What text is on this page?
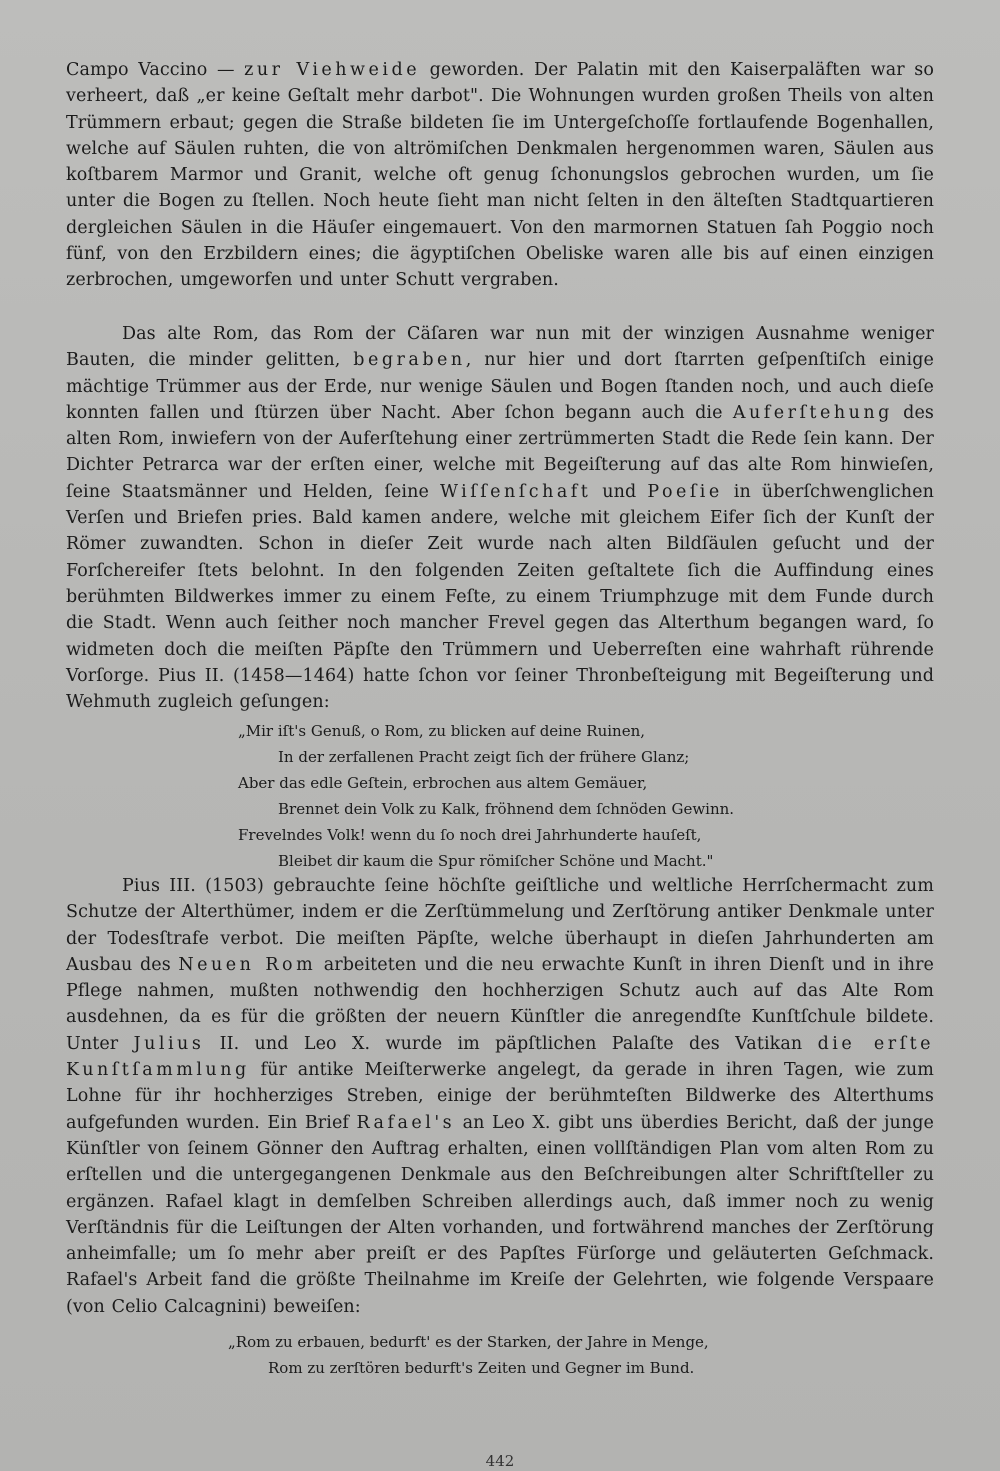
Campo Vaccino — zur Viehweide geworden. Der Palatin mit den Kaiserpaläften war so verheert, daß „er keine Geſtalt mehr darbot". Die Wohnungen wurden großen Theils von alten Trümmern erbaut; gegen die Straße bildeten ſie im Untergeſchoſſe fortlaufende Bogenhallen, welche auf Säulen ruhten, die von altrömiſchen Denkmalen hergenommen waren, Säulen aus koſtbarem Marmor und Granit, welche oft genug ſchonungslos gebrochen wurden, um ſie unter die Bogen zu ſtellen. Noch heute ſieht man nicht ſelten in den älteſten Stadtquartieren dergleichen Säulen in die Häuſer eingemauert. Von den marmornen Statuen ſah Poggio noch fünf, von den Erzbildern eines; die ägyptiſchen Obeliske waren alle bis auf einen einzigen zerbrochen, umgeworfen und unter Schutt vergraben.

Das alte Rom, das Rom der Cäſaren war nun mit der winzigen Ausnahme weniger Bauten, die minder gelitten, begraben, nur hier und dort ſtarrten geſpenſtiſch einige mächtige Trümmer aus der Erde, nur wenige Säulen und Bogen ſtanden noch, und auch dieſe konnten fallen und ſtürzen über Nacht. Aber ſchon begann auch die Auferſtehung des alten Rom, inwiefern von der Auferſtehung einer zertrümmerten Stadt die Rede ſein kann. Der Dichter Petrarca war der erſten einer, welche mit Begeiſterung auf das alte Rom hinwieſen, ſeine Staatsmänner und Helden, ſeine Wiſſenſchaft und Poeſie in überſchwenglichen Verſen und Briefen pries. Bald kamen andere, welche mit gleichem Eifer ſich der Kunſt der Römer zuwandten. Schon in dieſer Zeit wurde nach alten Bildſäulen geſucht und der Forſchereifer ſtets belohnt. In den folgenden Zeiten geſtaltete ſich die Auffindung eines berühmten Bildwerkes immer zu einem Feſte, zu einem Triumphzuge mit dem Funde durch die Stadt. Wenn auch ſeither noch mancher Frevel gegen das Alterthum begangen ward, ſo widmeten doch die meiſten Päpſte den Trümmern und Ueberreſten eine wahrhaft rührende Vorſorge. Pius II. (1458—1464) hatte ſchon vor ſeiner Thronbeſteigung mit Begeiſterung und Wehmuth zugleich geſungen:

„Mir iſt's Genuß, o Rom, zu blicken auf deine Ruinen,
In der zerfallenen Pracht zeigt ſich der frühere Glanz;
Aber das edle Geſtein, erbrochen aus altem Gemäuer,
Brennet dein Volk zu Kalk, fröhnend dem ſchnöden Gewinn.
Frevelndes Volk! wenn du ſo noch drei Jahrhunderte hauſeſt,
Bleibet dir kaum die Spur römiſcher Schöne und Macht."

Pius III. (1503) gebrauchte ſeine höchſte geiſtliche und weltliche Herrſchermacht zum Schutze der Alterthümer, indem er die Zerſtümmelung und Zerſtörung antiker Denkmale unter der Todesſtrafe verbot. Die meiſten Päpſte, welche überhaupt in dieſen Jahrhunderten am Ausbau des Neuen Rom arbeiteten und die neu erwachte Kunſt in ihren Dienſt und in ihre Pflege nahmen, mußten nothwendig den hochherzigen Schutz auch auf das Alte Rom ausdehnen, da es für die größten der neuern Künſtler die anregendſte Kunſtſchule bildete. Unter Julius II. und Leo X. wurde im päpſtlichen Palaſte des Vatikan die erſte Kunſtſammlung für antike Meiſterwerke angelegt, da gerade in ihren Tagen, wie zum Lohne für ihr hochherziges Streben, einige der berühmteſten Bildwerke des Alterthums aufgefunden wurden. Ein Brief Rafael's an Leo X. gibt uns überdies Bericht, daß der junge Künſtler von ſeinem Gönner den Auftrag erhalten, einen vollſtändigen Plan vom alten Rom zu erſtellen und die untergegangenen Denkmale aus den Beſchreibungen alter Schriftſteller zu ergänzen. Rafael klagt in demſelben Schreiben allerdings auch, daß immer noch zu wenig Verſtändnis für die Leiſtungen der Alten vorhanden, und fortwährend manches der Zerſtörung anheimfalle; um ſo mehr aber preiſt er des Papſtes Fürſorge und geläuterten Geſchmack. Rafael's Arbeit fand die größte Theilnahme im Kreiſe der Gelehrten, wie folgende Verspaare (von Celio Calcagnini) beweiſen:

„Rom zu erbauen, bedurft' es der Starken, der Jahre in Menge,
Rom zu zerſtören bedurft's Zeiten und Gegner im Bund.
442
